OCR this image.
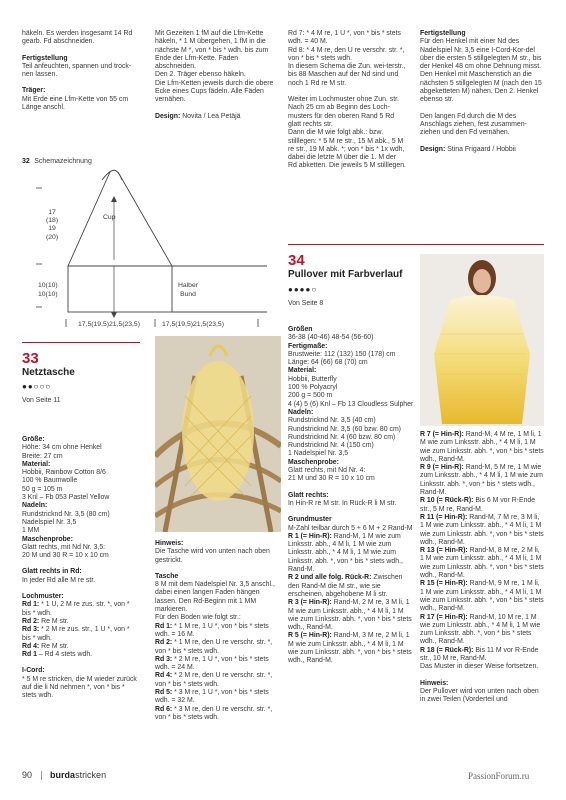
häkeln. Es werden insgesamt 14 Rd gearb. Fd abschneiden.

Fertigstellung

Teil anfeuchten, spannen und trock-nen lassen.

Träger:

Mit Erde eine Lfm-Kette von 55 cm Länge anschl.

32 Schemazeichnung
17
(18)
19
(20)
Cup
10(10)
10(10)
Halber
Bund
17,5(19,5)21,5(23,5)	17,5(19,5)21,5(23,5)

Mit Gezeiten 1 fM auf die Lfm-Kette häkeln, * 1 M übergehen, 1 fM in die nächste M *, von * bis * wdh. bis zum Ende der Lfm-Kette. Faden abschneiden.
Den 2. Träger ebenso häkeln.
Die Lfm-Ketten jeweils durch die obere Ecke eines Cups fädeln. Alle Fäden vernähen.

Design: Novita / Lea Petäjä

Rd 7: * 4 M re, 1 U *, von * bis * stets wdh. = 40 M.
Rd 8: * 4 M re, den U re verschr. str. *, von * bis * stets wdh.
In diesem Schema die Zun. wei-terstr., bis 88 Maschen auf der Nd sind und noch 1 Rd re M str.

Weiter im Lochmuster ohne Zun. str. Nach 25 cm ab Beginn des Loch-musters für den oberen Rand 5 Rd glatt rechts str.
Dann die M wie folgt abk.: bzw. stilllegen: * 5 M re str., 15 M abk., 5 M re str., 19 M abk. *; von * bis * 1x wdh, dabei die letzte M über die 1. M der Rd abketten. Die jeweils 5 M stilllegen.

Fertigstellung

Für den Henkel mit einer Nd des Nadelspiel Nr. 3,5 eine I-Cord-Kor-del über die ersten 5 stillgelegten M str., bis der Henkel 48 cm ohne Dehnung misst.
Den Henkel mit Maschenstich an die nächsten 5 stillgelegten M (nach den 15 abgeketteten M) nähen. Den 2. Henkel ebenso str.

Den langen Fd durch die M des Anschlags ziehen, fest zusammen-ziehen und den Fd vernähen.

Design: Stina Frigaard / Hobbii

33
Netztasche
●●○○○
Von Seite 11

Größe:

Höhe: 34 cm ohne Henkel
Breite: 27 cm

Material:

Hobbii, Rainbow Cotton 8/6
100 % Baumwolle
50 g = 105 m
3 Knl – Fb 053 Pastel Yellow

Nadeln:

Rundstricknd Nr. 3,5 (80 cm)
Nadelspiel Nr. 3,5
1 MM

Maschenprobe:

Glatt rechts, mit Nd Nr. 3,5:
20 M und 30 R = 10 x 10 cm

Glatt rechts in Rd:

In jeder Rd alle M re str.

Lochmuster:

Rd 1: * 1 U, 2 M re zus. str. *, von * bis * wdh.

Rd 2: Re M str.

Rd 3: * 2 M re zus. str., 1 U *, von * bis * wdh.

Rd 4: Re M str.

Rd 1 – Rd 4 stets wdh.

I-Cord:

* 5 M re stricken, die M wieder zurück auf die li Nd nehmen *, von * bis * stets wdh.

Hinweis:

Die Tasche wird von unten nach oben gestrickt.

Tasche

8 M mit dem Nadelspiel Nr. 3,5 anschl., dabei einen langen Faden hängen lassen. Den Rd-Beginn mit 1 MM markieren.
Für den Boden wie folgt str.:

Rd 1: * 1 M re, 1 U *, von * bis * stets wdh. = 16 M.

Rd 2: * 1 M re, den U re verschr. str. *, von * bis * stets wdh.

Rd 3: * 2 M re, 1 U *, von * bis * stets wdh. = 24 M.

Rd 4: * 2 M re, den U re verschr. str. *, von * bis * stets wdh.

Rd 5: * 3 M re, 1 U *, von * bis * stets wdh. = 32 M.

Rd 6: * 3 M re, den U re verschr. str. *, von * bis * stets wdh.

34
Pullover mit Farbverlauf
●●●●○
Von Seite 8

Größen

36-38 (40-46) 48-54 (56-60)

Fertigmaße:

Brustweite: 112 (132) 150 (178) cm
Länge: 64 (66) 68 (70) cm

Material:

Hobbii, Butterfly
100 % Polyacryl
200 g = 500 m
4 (4) 5 (6) Knl – Fb 13 Cloudless Sulpher

Nadeln:

Rundstricknd Nr. 3,5 (40 cm)
Rundstricknd Nr. 3,5 (60 bzw. 80 cm)
Rundstricknd Nr. 4 (60 bzw. 80 cm)
Rundstricknd Nr. 4 (150 cm)
1 Nadelspiel Nr. 3,5

Maschenprobe:

Glatt rechts, mit Nd Nr. 4:
21 M und 30 R = 10 x 10 cm

Glatt rechts:

In Hin-R re M str. In Rück-R li M str.

Grundmuster

M-Zahl teilbar durch 5 + 6 M + 2 Rand-M

R 1 (= Hin-R): Rand-M, 1 M wie zum Linksstr. abh., 4 M li, 1 M wie zum Linksstr. abh., * 4 M li, 1 M wie zum Linksstr. abh. *, von * bis * stets wdh., Rand-M.

R 2 und alle folg. Rück-R: Zwischen den Rand-M die M str., wie sie erscheinen, abgehobene M li str.

R 3 (= Hin-R): Rand-M, 2 M re, 3 M li, 1 M wie zum Linksstr. abh., * 4 M li, 1 M wie zum Linksstr. abh. *, von * bis * stets wdh., Rand-M.

R 5 (= Hin-R): Rand-M, 3 M re, 2 M li, 1 M wie zum Linksstr. abh., * 4 M li, 1 M wie zum Linksstr. abh. *, von * bis * stets wdh., Rand-M.

R 7 (= Hin-R): Rand-M, 4 M re, 1 M li, 1 M wie zum Linksstr. abh., * 4 M li, 1 M wie zum Linksstr. abh. *, von * bis * stets wdh., Rand-M.

R 9 (= Hin-R): Rand-M, 5 M re, 1 M wie zum Linksstr. abh., * 4 M li, 1 M wie zum Linksstr. abh. *, von * bis * stets wdh., Rand-M.

R 10 (= Rück-R): Bis 6 M vor R-Ende str., 5 M re, Rand-M.

R 11 (= Hin-R): Rand-M, 7 M re, 3 M li, 1 M wie zum Linksstr. abh., * 4 M li, 1 M wie zum Linksstr. abh. *, von * bis * stets wdh., Rand-M.

R 13 (= Hin-R): Rand-M, 8 M re, 2 M li, 1 M wie zum Linksstr. abh., * 4 M li, 1 M wie zum Linksstr. abh. *, von * bis * stets wdh., Rand-M.

R 15 (= Hin-R): Rand-M, 9 M re, 1 M li, 1 M wie zum Linksstr. abh., * 4 M li, 1 M wie zum Linksstr. abh. *, von * bis * stets wdh., Rand-M.

R 17 (= Hin-R): Rand-M, 10 M re, 1 M wie zum Linksstr. abh., * 4 M li, 1 M wie zum Linksstr. abh. *, von * bis * stets wdh., Rand-M.

R 18 (= Rück-R): Bis 11 M vor R-Ende str., 10 M re, Rand-M.

Das Muster in dieser Weise fortsetzen.

Hinweis:

Der Pullover wird von unten nach oben in zwei Teilen (Vorderteil und

90 burdastricken	PassionForum.ru
